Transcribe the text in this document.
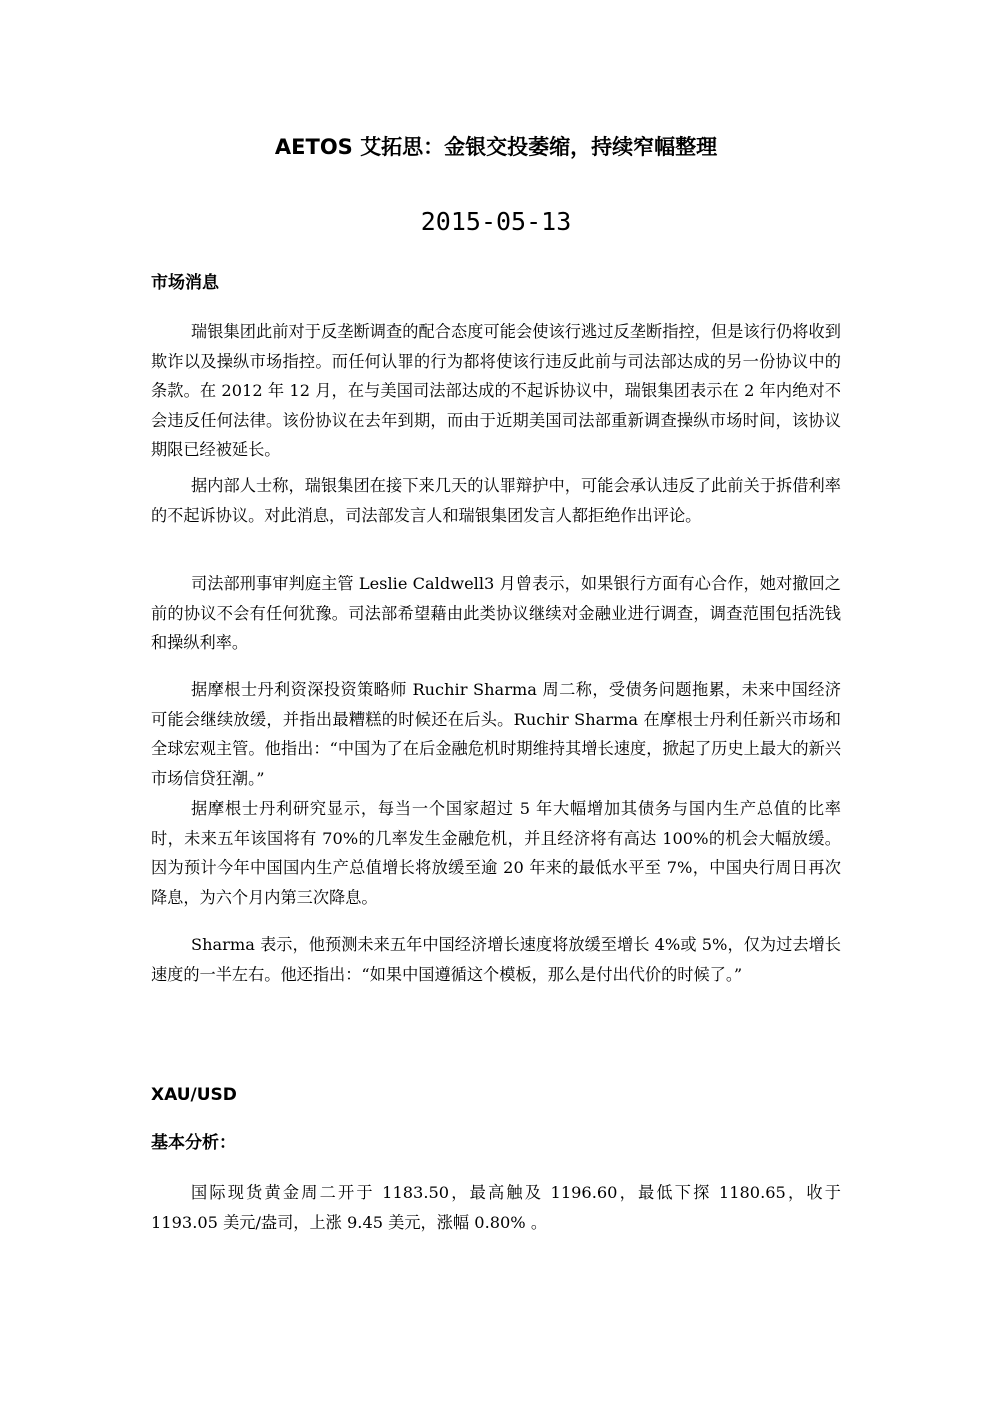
AETOS 艾拓思：金银交投萎缩，持续窄幅整理
2015-05-13
市场消息

瑞银集团此前对于反垄断调查的配合态度可能会使该行逃过反垄断指控，但是该行仍将收到欺诈以及操纵市场指控。而任何认罪的行为都将使该行违反此前与司法部达成的另一份协议中的条款。在 2012 年 12 月，在与美国司法部达成的不起诉协议中，瑞银集团表示在 2 年内绝对不会违反任何法律。该份协议在去年到期，而由于近期美国司法部重新调查操纵市场时间，该协议期限已经被延长。

据内部人士称，瑞银集团在接下来几天的认罪辩护中，可能会承认违反了此前关于拆借利率的不起诉协议。对此消息，司法部发言人和瑞银集团发言人都拒绝作出评论。

司法部刑事审判庭主管 Leslie Caldwell3 月曾表示，如果银行方面有心合作，她对撤回之前的协议不会有任何犹豫。司法部希望藉由此类协议继续对金融业进行调查，调查范围包括洗钱和操纵利率。

据摩根士丹利资深投资策略师 Ruchir Sharma 周二称，受债务问题拖累，未来中国经济可能会继续放缓，并指出最糟糕的时候还在后头。Ruchir Sharma 在摩根士丹利任新兴市场和全球宏观主管。他指出：“中国为了在后金融危机时期维持其增长速度，掀起了历史上最大的新兴市场信贷狂潮。”

据摩根士丹利研究显示，每当一个国家超过 5 年大幅增加其债务与国内生产总值的比率时，未来五年该国将有 70%的几率发生金融危机，并且经济将有高达 100%的机会大幅放缓。因为预计今年中国国内生产总值增长将放缓至逾 20 年来的最低水平至 7%，中国央行周日再次降息，为六个月内第三次降息。

Sharma 表示，他预测未来五年中国经济增长速度将放缓至增长 4%或 5%，仅为过去增长速度的一半左右。他还指出：“如果中国遵循这个模板，那么是付出代价的时候了。”

XAU/USD
基本分析：

国际现货黄金周二开于 1183.50，最高触及 1196.60，最低下探 1180.65，收于 1193.05 美元/盎司，上涨 9.45 美元，涨幅 0.80% 。
